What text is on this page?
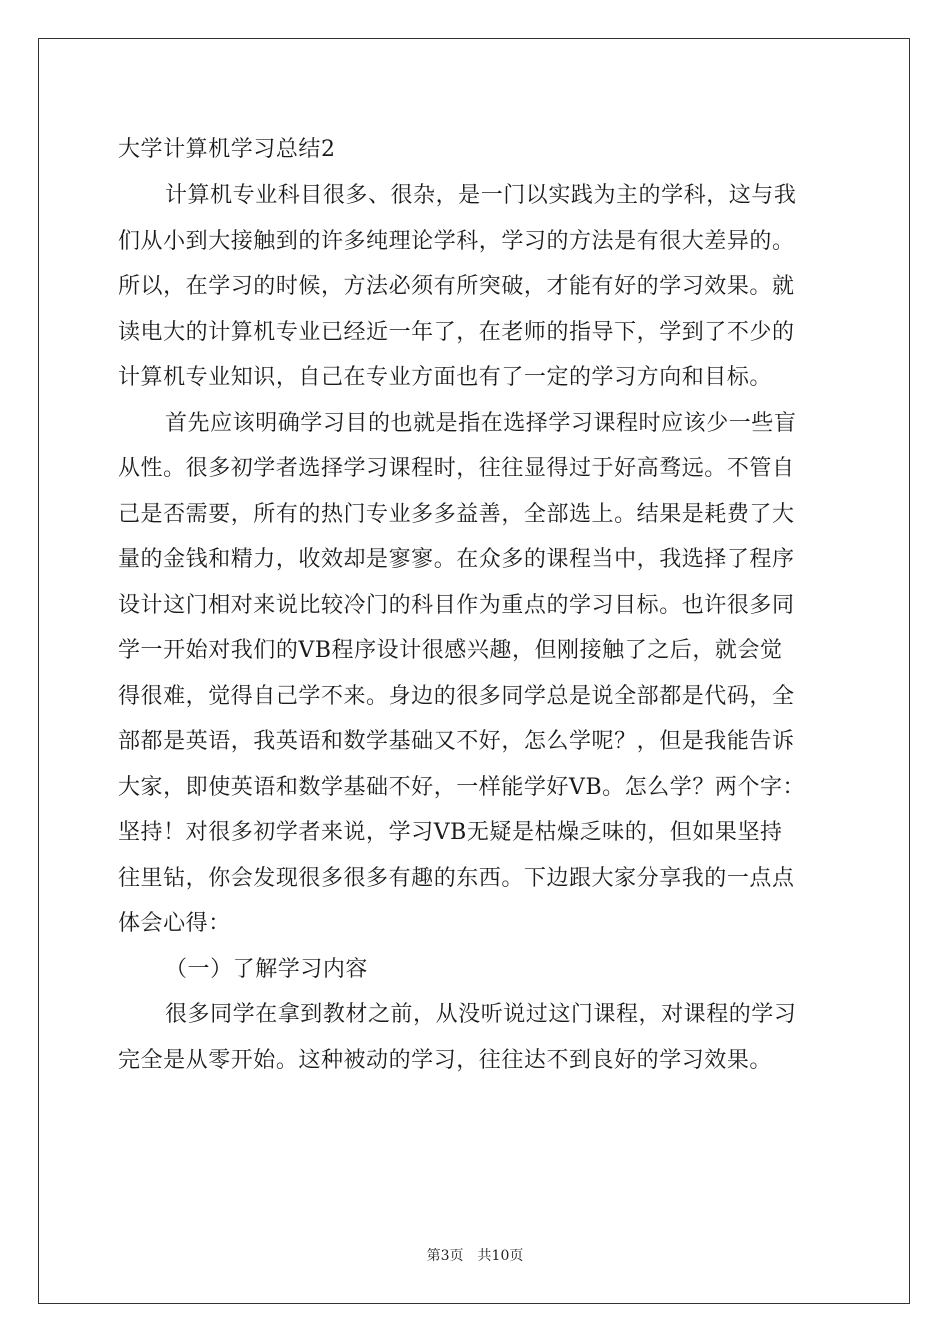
大学计算机学习总结2
计算机专业科目很多、很杂，是一门以实践为主的学科，这与我
们从小到大接触到的许多纯理论学科，学习的方法是有很大差异的。
所以，在学习的时候，方法必须有所突破，才能有好的学习效果。就
读电大的计算机专业已经近一年了，在老师的指导下，学到了不少的
计算机专业知识，自己在专业方面也有了一定的学习方向和目标。
首先应该明确学习目的也就是指在选择学习课程时应该少一些盲
从性。很多初学者选择学习课程时，往往显得过于好高骛远。不管自
己是否需要，所有的热门专业多多益善，全部选上。结果是耗费了大
量的金钱和精力，收效却是寥寥。在众多的课程当中，我选择了程序
设计这门相对来说比较冷门的科目作为重点的学习目标。也许很多同
学一开始对我们的VB程序设计很感兴趣，但刚接触了之后，就会觉
得很难，觉得自己学不来。身边的很多同学总是说全部都是代码，全
部都是英语，我英语和数学基础又不好，怎么学呢？，但是我能告诉
大家，即使英语和数学基础不好，一样能学好VB。怎么学？两个字：
坚持！对很多初学者来说，学习VB无疑是枯燥乏味的，但如果坚持
往里钻，你会发现很多很多有趣的东西。下边跟大家分享我的一点点
体会心得：
（一）了解学习内容
很多同学在拿到教材之前，从没听说过这门课程，对课程的学习
完全是从零开始。这种被动的学习，往往达不到良好的学习效果。
第3页 共10页
